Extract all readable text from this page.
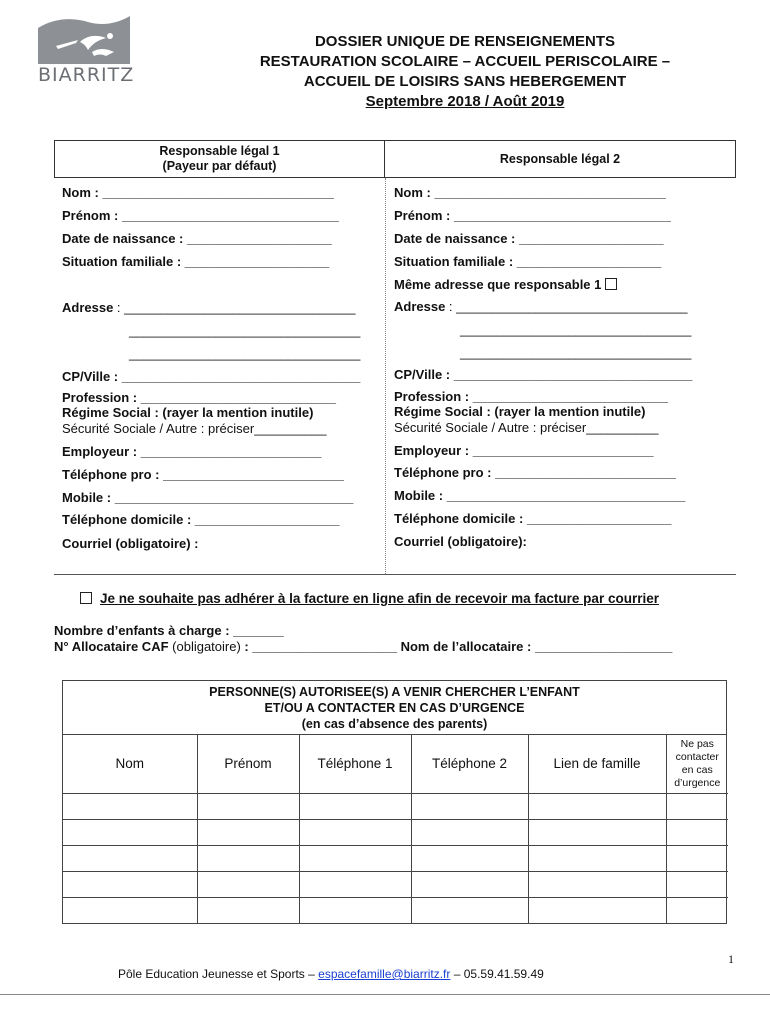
BIARRITZ
DOSSIER UNIQUE DE RENSEIGNEMENTS
RESTAURATION SCOLAIRE – ACCUEIL PERISCOLAIRE –
ACCUEIL DE LOISIRS SANS HEBERGEMENT
Septembre 2018 / Août 2019
Responsable légal 1
(Payeur par défaut)	Responsable légal 2
Nom : ________________________________
Prénom : ______________________________
Date de naissance : ____________________
Situation familiale : ____________________
Adresse : ________________________________
________________________________
________________________________
CP/Ville : _________________________________
Profession : ___________________________
Régime Social : (rayer la mention inutile)
Sécurité Sociale / Autre : préciser__________
Employeur : _________________________
Téléphone pro : _________________________
Mobile : _________________________________
Téléphone domicile : ____________________
Courriel (obligatoire) :
Nom : ________________________________
Prénom : ______________________________
Date de naissance : ____________________
Situation familiale : ____________________
Même adresse que responsable 1
Adresse : ________________________________
________________________________
________________________________
CP/Ville : _________________________________
Profession : ___________________________
Régime Social : (rayer la mention inutile)
Sécurité Sociale / Autre : préciser__________
Employeur : _________________________
Téléphone pro : _________________________
Mobile : _________________________________
Téléphone domicile : ____________________
Courriel (obligatoire):
Je ne souhaite pas adhérer à la facture en ligne afin de recevoir ma facture par courrier
Nombre d’enfants à charge : _______
N° Allocataire CAF (obligatoire) : ____________________ Nom de l’allocataire : ___________________
PERSONNE(S) AUTORISEE(S) A VENIR CHERCHER L’ENFANT
ET/OU A CONTACTER EN CAS D’URGENCE
(en cas d’absence des parents)
Nom	Prénom	Téléphone 1	Téléphone 2	Lien de famille	Ne pas
contacter
en cas
d’urgence

1
Pôle Education Jeunesse et Sports – espacefamille@biarritz.fr – 05.59.41.59.49
